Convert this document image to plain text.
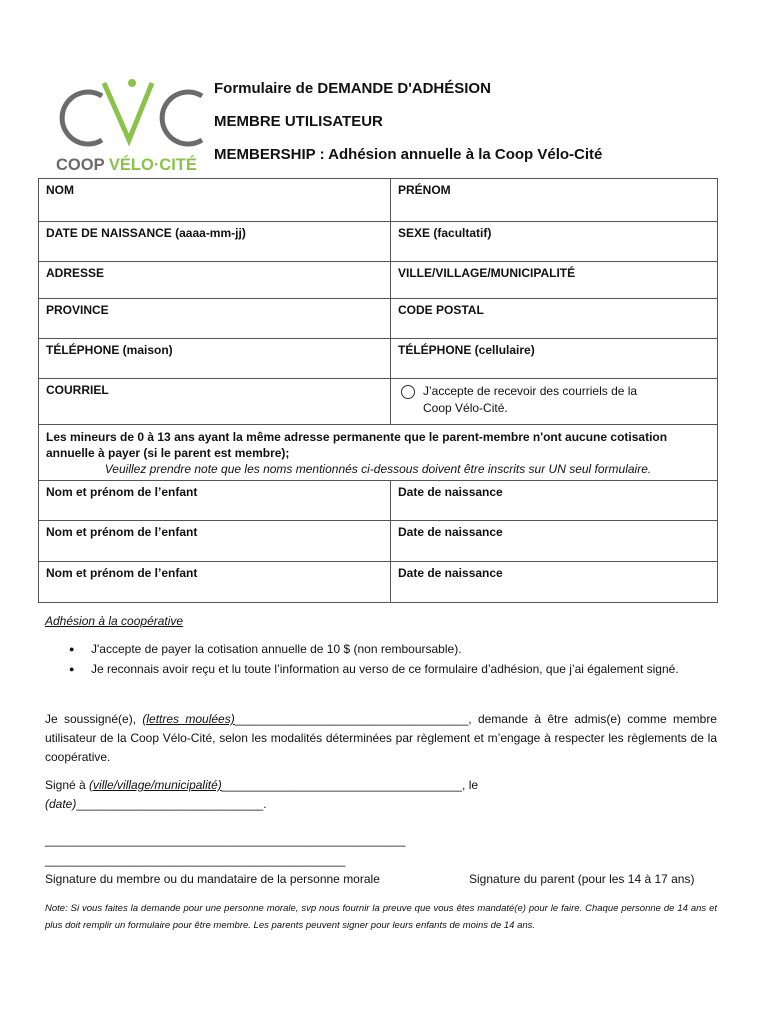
COOP VÉLO·CITÉ
Formulaire de DEMANDE D'ADHÉSION
MEMBRE UTILISATEUR
MEMBERSHIP : Adhésion annuelle à la Coop Vélo-Cité
NOM	PRÉNOM
DATE DE NAISSANCE (aaaa-mm-jj)	SEXE (facultatif)
ADRESSE	VILLE/VILLAGE/MUNICIPALITÉ
PROVINCE	CODE POSTAL
TÉLÉPHONE (maison)	TÉLÉPHONE (cellulaire)
COURRIEL	J’accepte de recevoir des courriels de la
Coop Vélo-Cité.

Les mineurs de 0 à 13 ans ayant la même adresse permanente que le parent-membre n'ont aucune cotisation annuelle à payer (si le parent est membre);
Veuillez prendre note que les noms mentionnés ci-dessous doivent être inscrits sur UN seul formulaire.	

Nom et prénom de l’enfant	Date de naissance
Nom et prénom de l’enfant	Date de naissance
Nom et prénom de l’enfant	Date de naissance
Adhésion à la coopérative
● J'accepte de payer la cotisation annuelle de 10 $ (non remboursable).
● Je reconnais avoir reçu et lu toute l’information au verso de ce formulaire d’adhésion, que j’ai également signé.
Je soussigné(e), (lettres moulées)___________________________________, demande à être admis(e) comme membre utilisateur de la Coop Vélo-Cité, selon les modalités déterminées par règlement et m’engage à respecter les règlements de la coopérative.
Signé à (ville/village/municipalité)____________________________________, le
(date)____________________________.
______________________________________________________
_____________________________________________
Signature du membre ou du mandataire de la personne morale	Signature du parent (pour les 14 à 17 ans)
Note: Si vous faites la demande pour une personne morale, svp nous fournir la preuve que vous êtes mandaté(e) pour le faire. Chaque personne de 14 ans et plus doit remplir un formulaire pour être membre. Les parents peuvent signer pour leurs enfants de moins de 14 ans.
